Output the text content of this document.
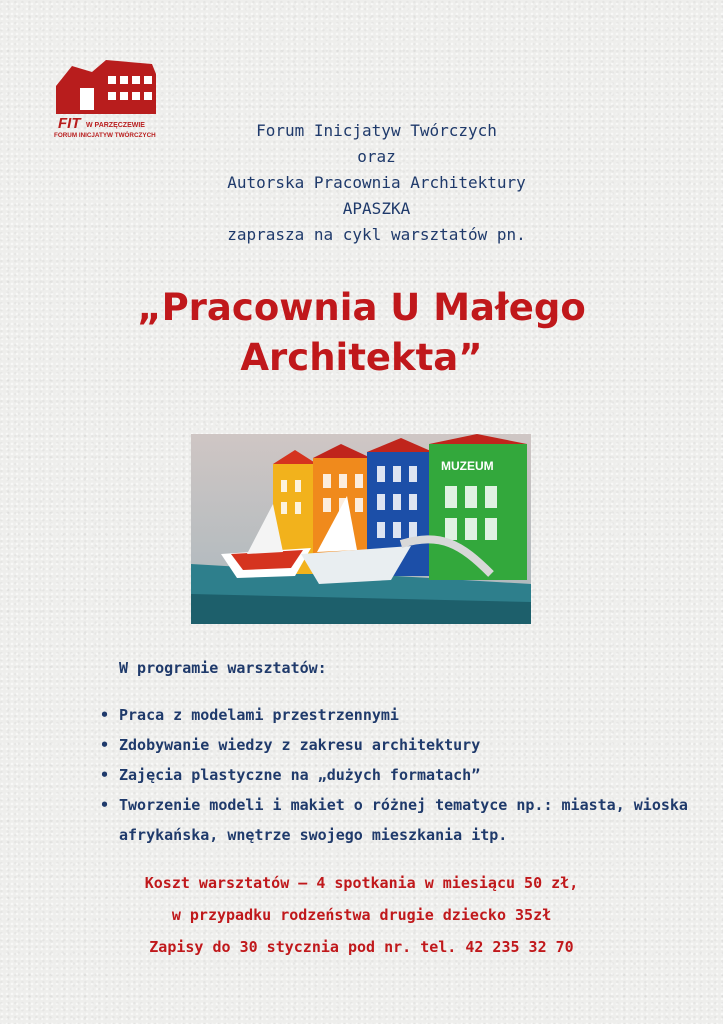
FIT W PARZĘCZEWIE
FORUM INICJATYW TWÓRCZYCH	Forum Inicjatyw Twórczych
oraz
Autorska Pracownia Architektury
APASZKA
zaprasza na cykl warsztatów pn.
„Pracownia U Małego
Architekta”
MUZEUM
W programie warsztatów:
• Praca z modelami przestrzennymi
• Zdobywanie wiedzy z zakresu architektury
• Zajęcia plastyczne na „dużych formatach”
• Tworzenie modeli i makiet o różnej tematyce np.: miasta, wioska afrykańska, wnętrze swojego mieszkania itp.
Koszt warsztatów – 4 spotkania w miesiącu 50 zł,
w przypadku rodzeństwa drugie dziecko 35zł
Zapisy do 30 stycznia pod nr. tel. 42 235 32 70
